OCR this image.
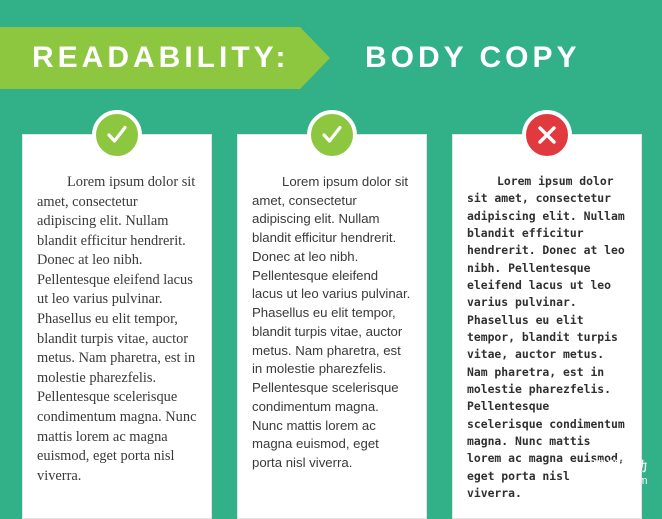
READABILITY:	BODY COPY

Lorem ipsum dolor sit amet, consectetur adipiscing elit. Nullam blandit efficitur hendrerit. Donec at leo nibh. Pellentesque eleifend lacus ut leo varius pulvinar. Phasellus eu elit tempor, blandit turpis vitae, auctor metus. Nam pharetra, est in molestie pharezfelis. Pellentesque scelerisque condimentum magna. Nunc mattis lorem ac magna euismod, eget porta nisl viverra.

Lorem ipsum dolor sit amet, consectetur adipiscing elit. Nullam blandit efficitur hendrerit. Donec at leo nibh. Pellentesque eleifend lacus ut leo varius pulvinar. Phasellus eu elit tempor, blandit turpis vitae, auctor metus. Nam pharetra, est in molestie pharezfelis. Pellentesque scelerisque condimentum magna. Nunc mattis lorem ac magna euismod, eget porta nisl viverra.

Lorem ipsum dolor sit amet, consectetur adipiscing elit. Nullam blandit efficitur hendrerit. Donec at leo nibh. Pellentesque eleifend lacus ut leo varius pulvinar. Phasellus eu elit tempor, blandit turpis vitae, auctor metus. Nam pharetra, est in molestie pharezfelis. Pellentesque scelerisque condimentum magna. Nunc mattis lorem ac magna euismod, eget porta nisl viverra.

思洋互动
www.ciya.com
